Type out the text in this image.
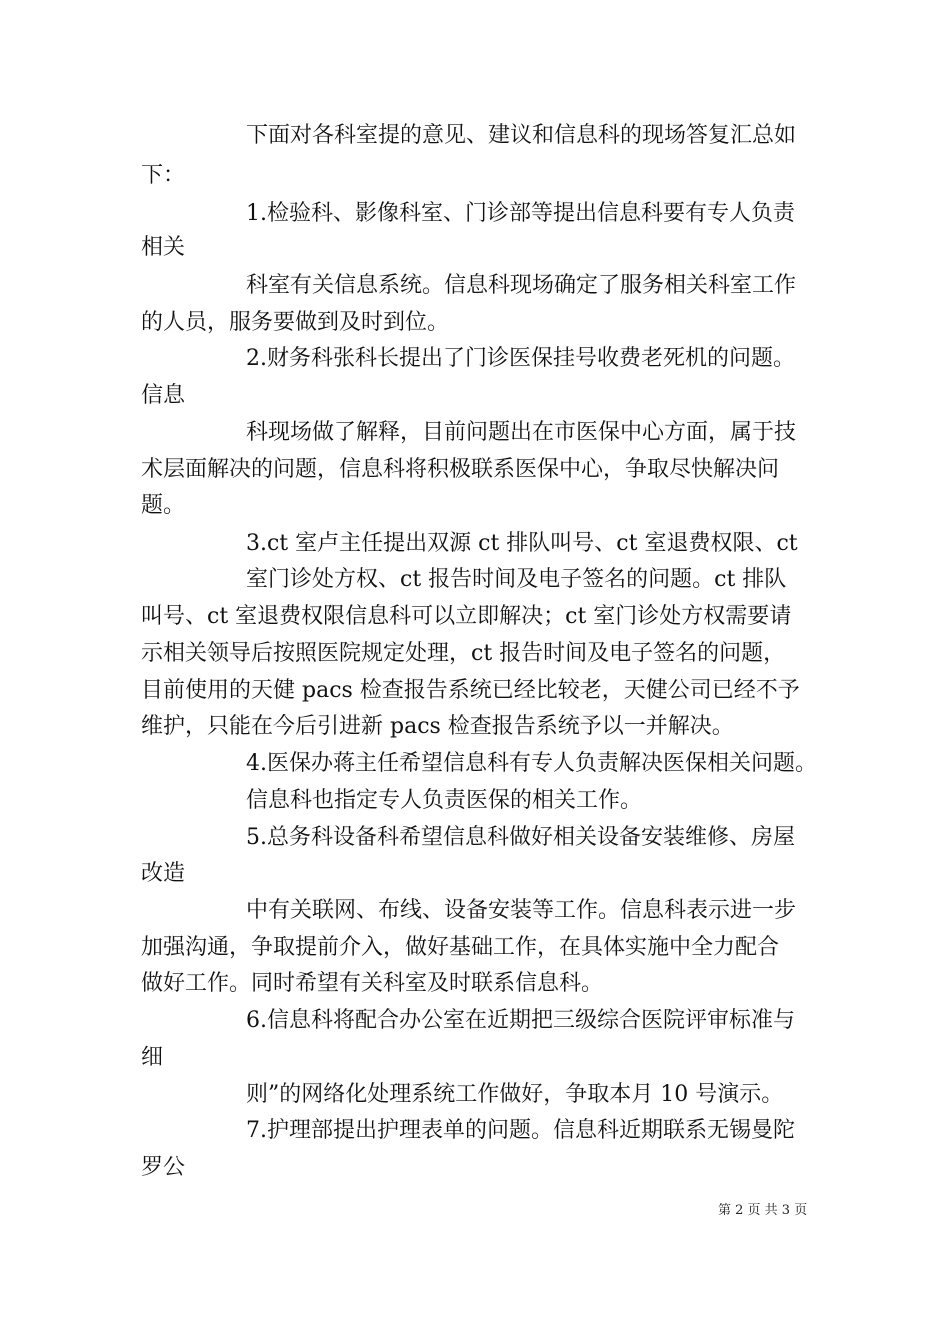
下面对各科室提的意见、建议和信息科的现场答复汇总如
下：
1.检验科、影像科室、门诊部等提出信息科要有专人负责
相关
科室有关信息系统。信息科现场确定了服务相关科室工作
的人员，服务要做到及时到位。
2.财务科张科长提出了门诊医保挂号收费老死机的问题。
信息
科现场做了解释，目前问题出在市医保中心方面，属于技
术层面解决的问题，信息科将积极联系医保中心，争取尽快解决问
题。
3.ct 室卢主任提出双源 ct 排队叫号、ct 室退费权限、ct
室门诊处方权、ct 报告时间及电子签名的问题。ct 排队
叫号、ct 室退费权限信息科可以立即解决；ct 室门诊处方权需要请
示相关领导后按照医院规定处理，ct 报告时间及电子签名的问题，
目前使用的天健 pacs 检查报告系统已经比较老，天健公司已经不予
维护，只能在今后引进新 pacs 检查报告系统予以一并解决。
4.医保办蒋主任希望信息科有专人负责解决医保相关问题。
信息科也指定专人负责医保的相关工作。
5.总务科设备科希望信息科做好相关设备安装维修、房屋
改造
中有关联网、布线、设备安装等工作。信息科表示进一步
加强沟通，争取提前介入，做好基础工作，在具体实施中全力配合
做好工作。同时希望有关科室及时联系信息科。
6.信息科将配合办公室在近期把三级综合医院评审标准与
细
则”的网络化处理系统工作做好，争取本月 10 号演示。
7.护理部提出护理表单的问题。信息科近期联系无锡曼陀
罗公
第 2 页 共 3 页
